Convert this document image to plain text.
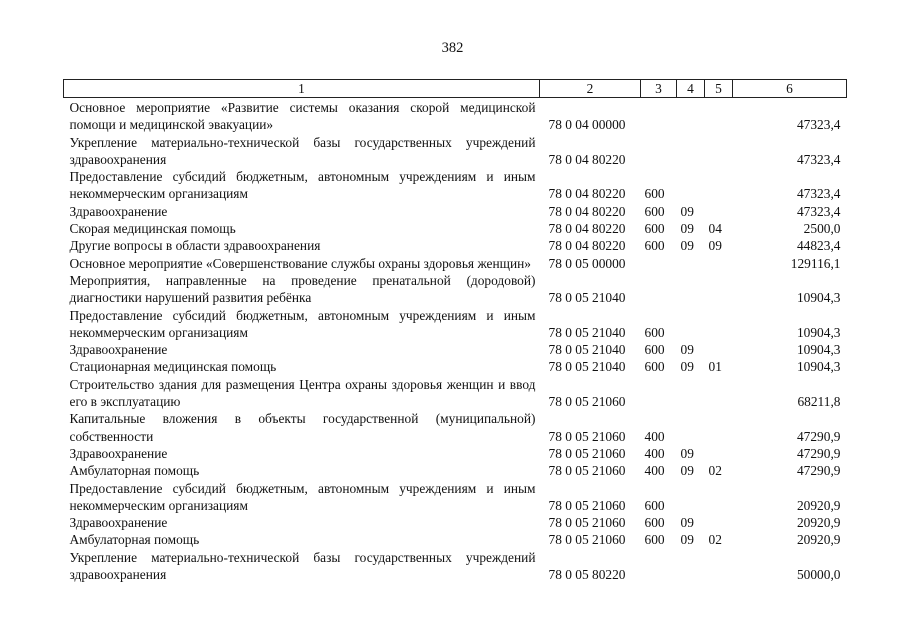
382
1	2	3	4	5	6
Основное мероприятие «Развитие системы оказания скорой медицинской помощи и медицинской эвакуации»	78 0 04 00000				47323,4
Укрепление материально-технической базы государственных учреждений здравоохранения	78 0 04 80220				47323,4
Предоставление субсидий бюджетным, автономным учреждениям и иным некоммерческим организациям	78 0 04 80220	600			47323,4
Здравоохранение	78 0 04 80220	600	09		47323,4
Скорая медицинская помощь	78 0 04 80220	600	09	04	2500,0
Другие вопросы в области здравоохранения	78 0 04 80220	600	09	09	44823,4
Основное мероприятие «Совершенствование службы охраны здоровья женщин»	78 0 05 00000				129116,1
Мероприятия, направленные на проведение пренатальной (дородовой) диагностики нарушений развития ребёнка	78 0 05 21040				10904,3
Предоставление субсидий бюджетным, автономным учреждениям и иным некоммерческим организациям	78 0 05 21040	600			10904,3
Здравоохранение	78 0 05 21040	600	09		10904,3
Стационарная медицинская помощь	78 0 05 21040	600	09	01	10904,3
Строительство здания для размещения Центра охраны здоровья женщин и ввод его в эксплуатацию	78 0 05 21060				68211,8
Капитальные вложения в объекты государственной (муниципальной) собственности	78 0 05 21060	400			47290,9
Здравоохранение	78 0 05 21060	400	09		47290,9
Амбулаторная помощь	78 0 05 21060	400	09	02	47290,9
Предоставление субсидий бюджетным, автономным учреждениям и иным некоммерческим организациям	78 0 05 21060	600			20920,9
Здравоохранение	78 0 05 21060	600	09		20920,9
Амбулаторная помощь	78 0 05 21060	600	09	02	20920,9
Укрепление материально-технической базы государственных учреждений здравоохранения	78 0 05 80220				50000,0
